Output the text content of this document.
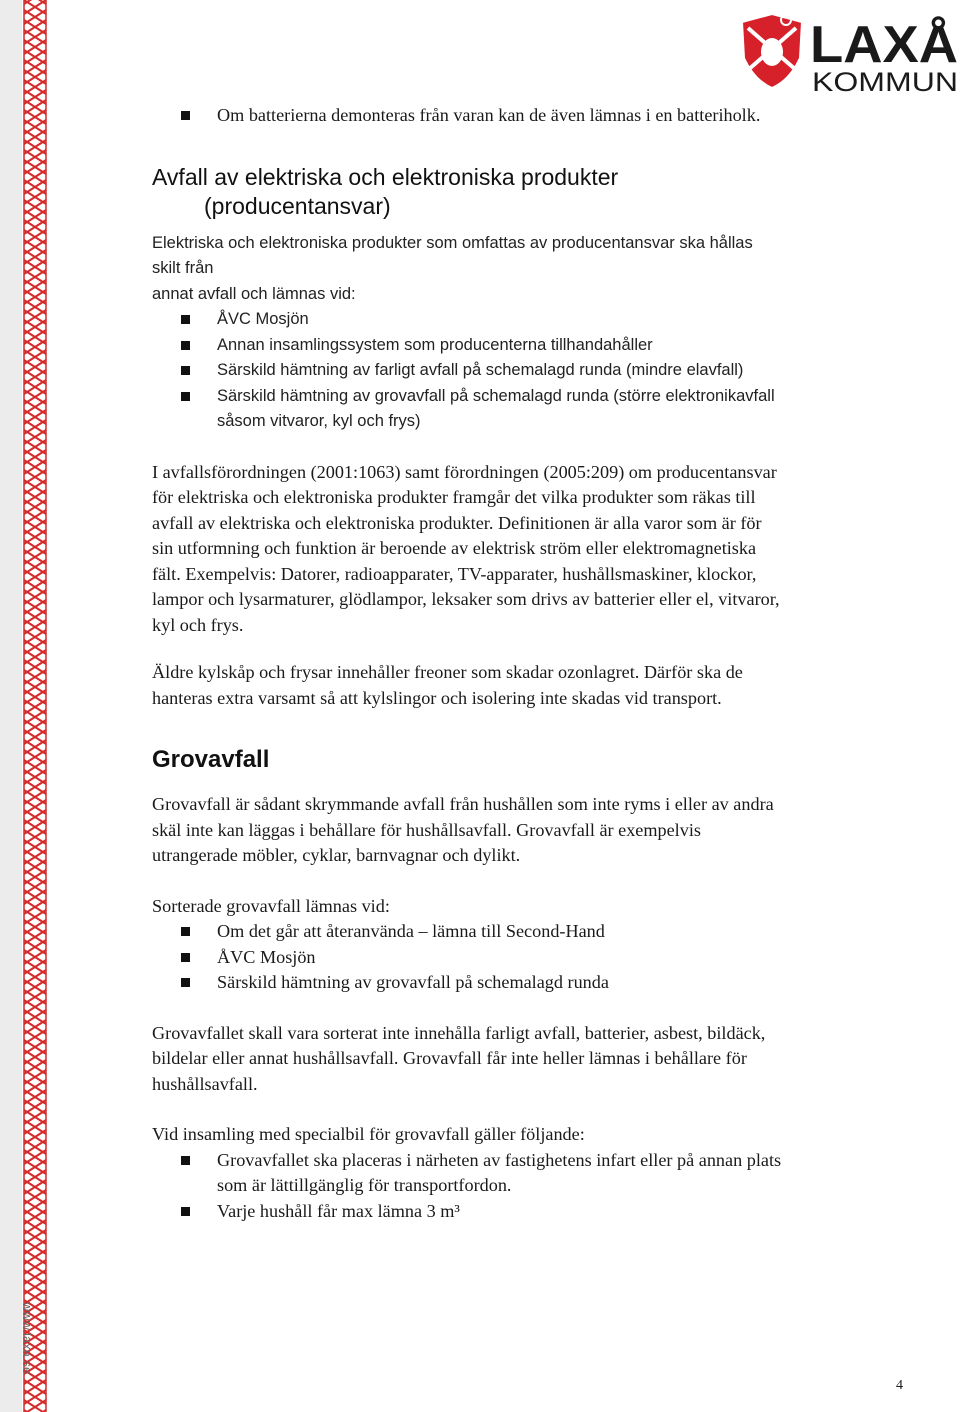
LAXÅ
KOMMUN
www.laxa.se
4
Om batterierna demonteras från varan kan de även lämnas i en batteriholk.
Avfall av elektriska och elektroniska produkter
(producentansvar)
Elektriska och elektroniska produkter som omfattas av producentansvar ska hållas
skilt från
annat avfall och lämnas vid:
ÅVC Mosjön
Annan insamlingssystem som producenterna tillhandahåller
Särskild hämtning av farligt avfall på schemalagd runda (mindre elavfall)
Särskild hämtning av grovavfall på schemalagd runda (större elektronikavfall
såsom vitvaror, kyl och frys)
I avfallsförordningen (2001:1063) samt förordningen (2005:209) om producentansvar
för elektriska och elektroniska produkter framgår det vilka produkter som räkas till
avfall av elektriska och elektroniska produkter. Definitionen är alla varor som är för
sin utformning och funktion är beroende av elektrisk ström eller elektromagnetiska
fält. Exempelvis: Datorer, radioapparater, TV-apparater, hushållsmaskiner, klockor,
lampor och lysarmaturer, glödlampor, leksaker som drivs av batterier eller el, vitvaror,
kyl och frys.
Äldre kylskåp och frysar innehåller freoner som skadar ozonlagret. Därför ska de
hanteras extra varsamt så att kylslingor och isolering inte skadas vid transport.
Grovavfall
Grovavfall är sådant skrymmande avfall från hushållen som inte ryms i eller av andra
skäl inte kan läggas i behållare för hushållsavfall. Grovavfall är exempelvis
utrangerade möbler, cyklar, barnvagnar och dylikt.
Sorterade grovavfall lämnas vid:
Om det går att återanvända – lämna till Second-Hand
ÅVC Mosjön
Särskild hämtning av grovavfall på schemalagd runda
Grovavfallet skall vara sorterat inte innehålla farligt avfall, batterier, asbest, bildäck,
bildelar eller annat hushållsavfall. Grovavfall får inte heller lämnas i behållare för
hushållsavfall.
Vid insamling med specialbil för grovavfall gäller följande:
Grovavfallet ska placeras i närheten av fastighetens infart eller på annan plats
som är lättillgänglig för transportfordon.
Varje hushåll får max lämna 3 m³
